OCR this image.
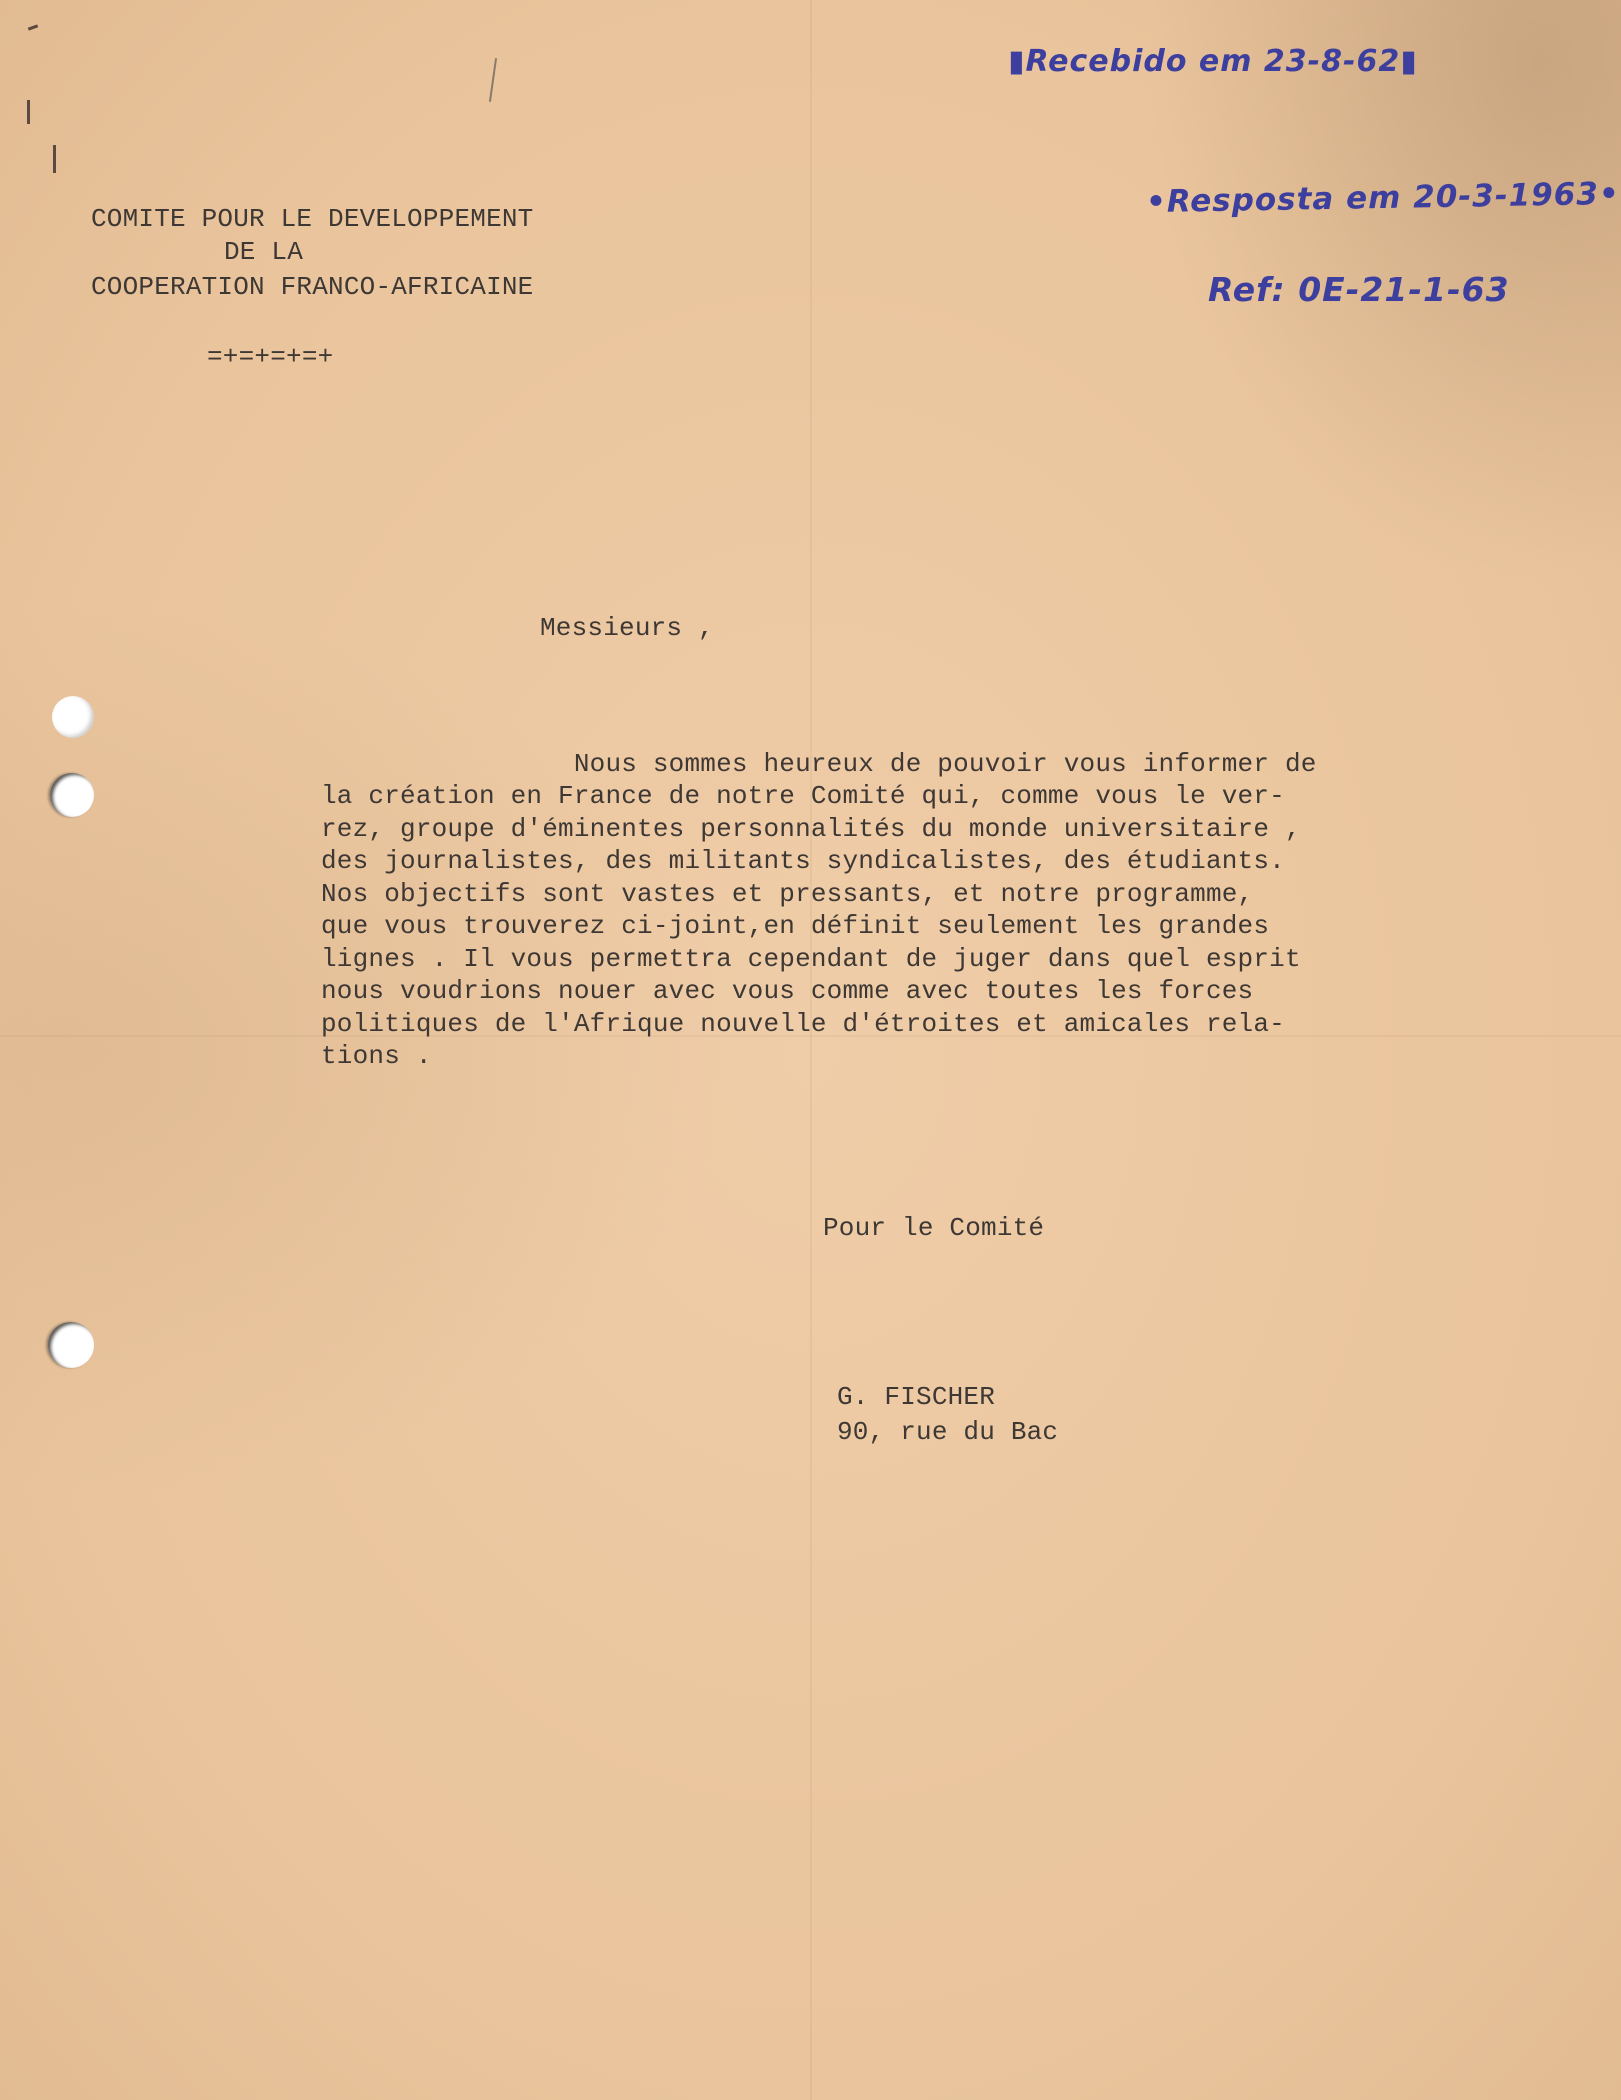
COMITE POUR LE DEVELOPPEMENT
DE LA
COOPERATION FRANCO-AFRICAINE
=+=+=+=+
▮Recebido em 23-8-62▮
•Resposta em 20-3-1963•
Ref: 0E-21-1-63
Messieurs ,
Nous sommes heureux de pouvoir vous informer de
la création en France de notre Comité qui, comme vous le ver-
rez, groupe d'éminentes personnalités du monde universitaire ,
des journalistes, des militants syndicalistes, des étudiants.
Nos objectifs sont vastes et pressants, et notre programme,
que vous trouverez ci-joint,en définit seulement les grandes
lignes . Il vous permettra cependant de juger dans quel esprit
nous voudrions nouer avec vous comme avec toutes les forces
politiques de l'Afrique nouvelle d'étroites et amicales rela-
tions .
Pour le Comité
G. FISCHER
90, rue du Bac
